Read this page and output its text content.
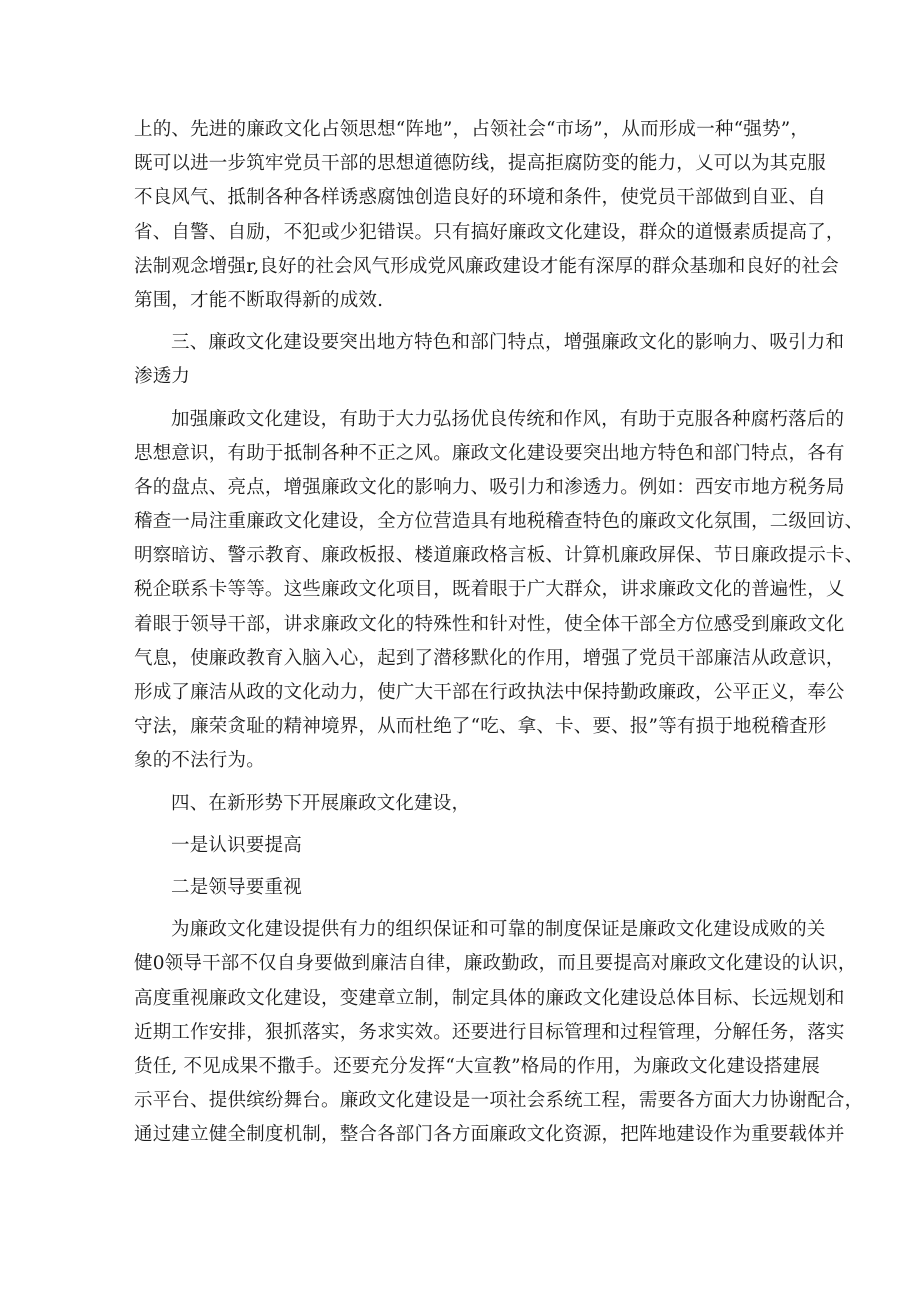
上的、先进的廉政文化占领思想“阵地”，占领社会“市场”，从而形成一种“强势”，
既可以进一步筑牢党员干部的思想道德防线，提高拒腐防变的能力，乂可以为其克服
不良风气、抵制各种各样诱惑腐蚀创造良好的环境和条件，使党员干部做到自亚、自
省、自警、自励，不犯或少犯错误。只有搞好廉政文化建设，群众的道慑素质提高了，
法制观念增强r,良好的社会风气形成党风廉政建设才能有深厚的群众基珈和良好的社会
第围，才能不断取得新的成效.
三、廉政文化建设要突出地方特色和部门特点，增强廉政文化的影响力、吸引力和
渗透力
加强廉政文化建设，有助于大力弘扬优良传统和作风，有助于克服各种腐朽落后的
思想意识，有助于抵制各种不正之风。廉政文化建设要突出地方特色和部门特点，各有
各的盘点、亮点，增强廉政文化的影响力、吸引力和渗透力。例如：西安市地方税务局
稽查一局注重廉政文化建设，全方位营造具有地税稽查特色的廉政文化氛围，二级回访、
明察暗访、警示教育、廉政板报、楼道廉政格言板、计算机廉政屏保、节日廉政提示卡、
税企联系卡等等。这些廉政文化项目，既着眼于广大群众，讲求廉政文化的普遍性，乂
着眼于领导干部，讲求廉政文化的特殊性和针对性，使全体干部全方位感受到廉政文化
气息，使廉政教育入脑入心，起到了潜移默化的作用，增强了党员干部廉洁从政意识，
形成了廉洁从政的文化动力，使广大干部在行政执法中保持勤政廉政，公平正义，奉公
守法，廉荣贪耻的精神境界，从而杜绝了“吃、拿、卡、要、报”等有损于地税稽査形
象的不法行为。
四、在新形势下开展廉政文化建设，
一是认识要提高
二是领导要重视
为廉政文化建设提供有力的组织保证和可靠的制度保证是廉政文化建设成败的关
健0领导干部不仅自身要做到廉洁自律，廉政勤政，而且要提高对廉政文化建设的认识，
高度重视廉政文化建设，变建章立制，制定具体的廉政文化建设总体目标、长远规划和
近期工作安排，狠抓落实，务求实效。还要进行目标管理和过程管理，分解任务，落实
货任, 不见成果不撒手。还要充分发挥“大宣教”格局的作用，为廉政文化建设搭建展
示平台、提供缤纷舞台。廉政文化建设是一项社会系统工程，需要各方面大力协谢配合，
通过建立健全制度机制，整合各部门各方面廉政文化资源，把阵地建设作为重要载体并
